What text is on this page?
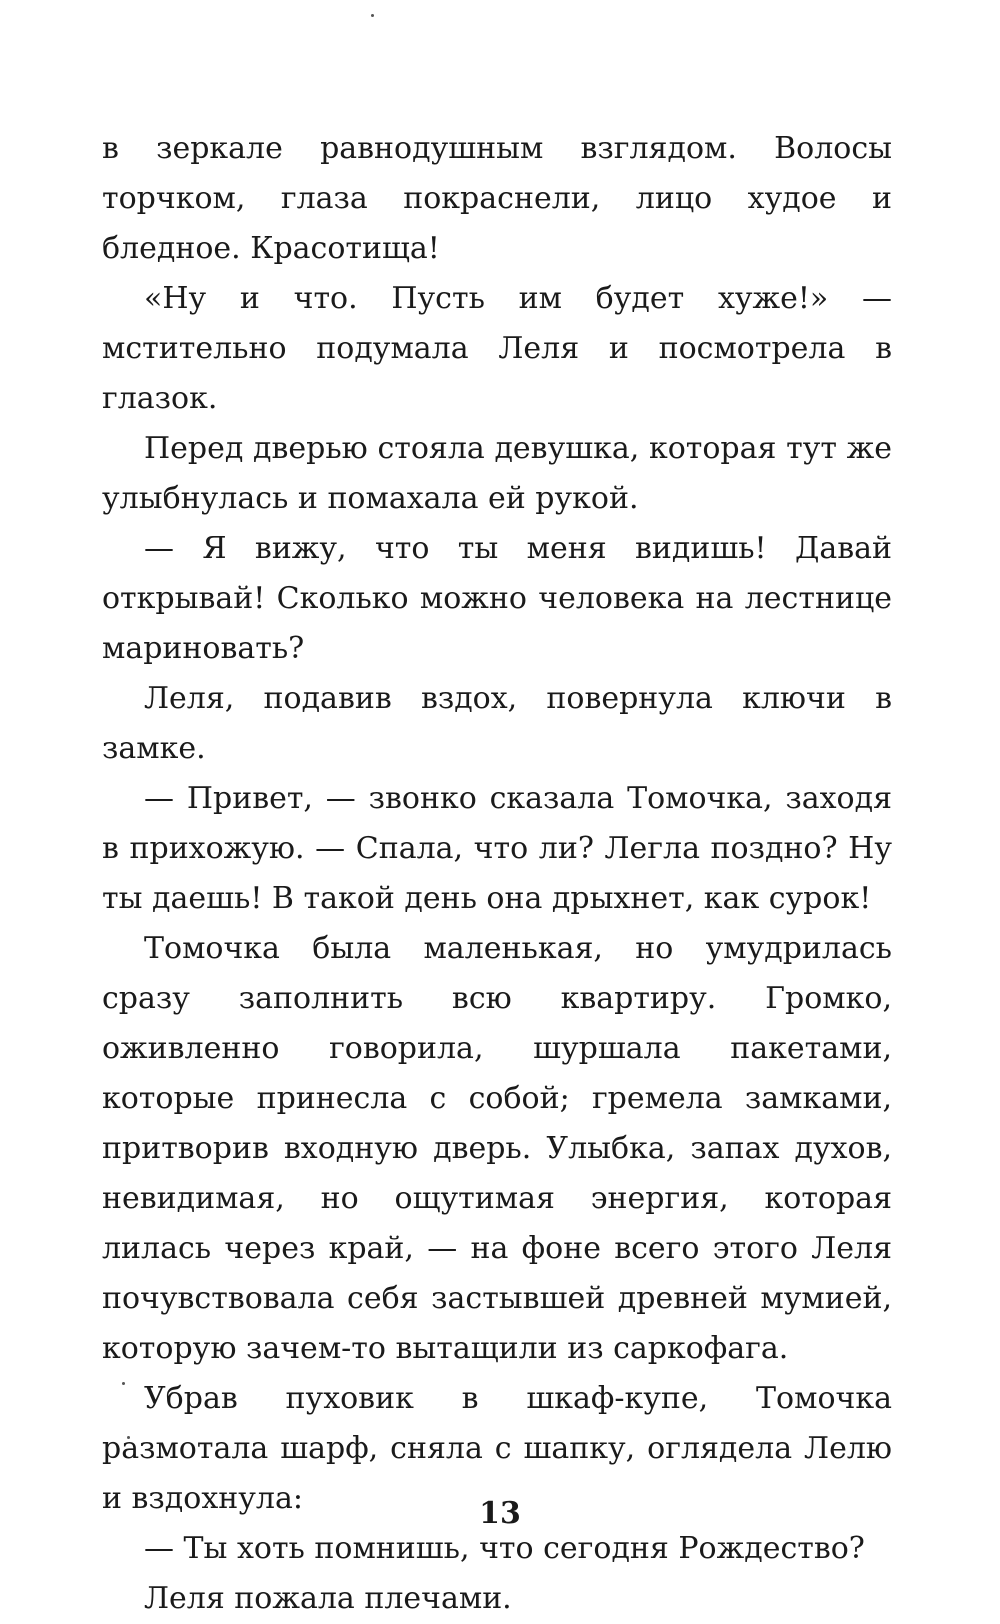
в зеркале равнодушным взглядом. Волосы торчком, глаза покраснели, лицо худое и бледное. Красотища!

«Ну и что. Пусть им будет хуже!» — мстительно подумала Леля и посмотрела в глазок.

Перед дверью стояла девушка, которая тут же улыбнулась и помахала ей рукой.

— Я вижу, что ты меня видишь! Давай открывай! Сколько можно человека на лестнице мариновать?

Леля, подавив вздох, повернула ключи в замке.

— Привет, — звонко сказала Томочка, заходя в прихожую. — Спала, что ли? Легла поздно? Ну ты даешь! В такой день она дрыхнет, как сурок!

Томочка была маленькая, но умудрилась сразу заполнить всю квартиру. Громко, оживленно говорила, шуршала пакетами, которые принесла с собой; гремела замками, притворив входную дверь. Улыбка, запах духов, невидимая, но ощутимая энергия, которая лилась через край, — на фоне всего этого Леля почувствовала себя застывшей древней мумией, которую зачем-то вытащили из саркофага.

Убрав пуховик в шкаф-купе, Томочка размотала шарф, сняла с шапку, оглядела Лелю и вздохнула:

— Ты хоть помнишь, что сегодня Рождество?

Леля пожала плечами.

13
